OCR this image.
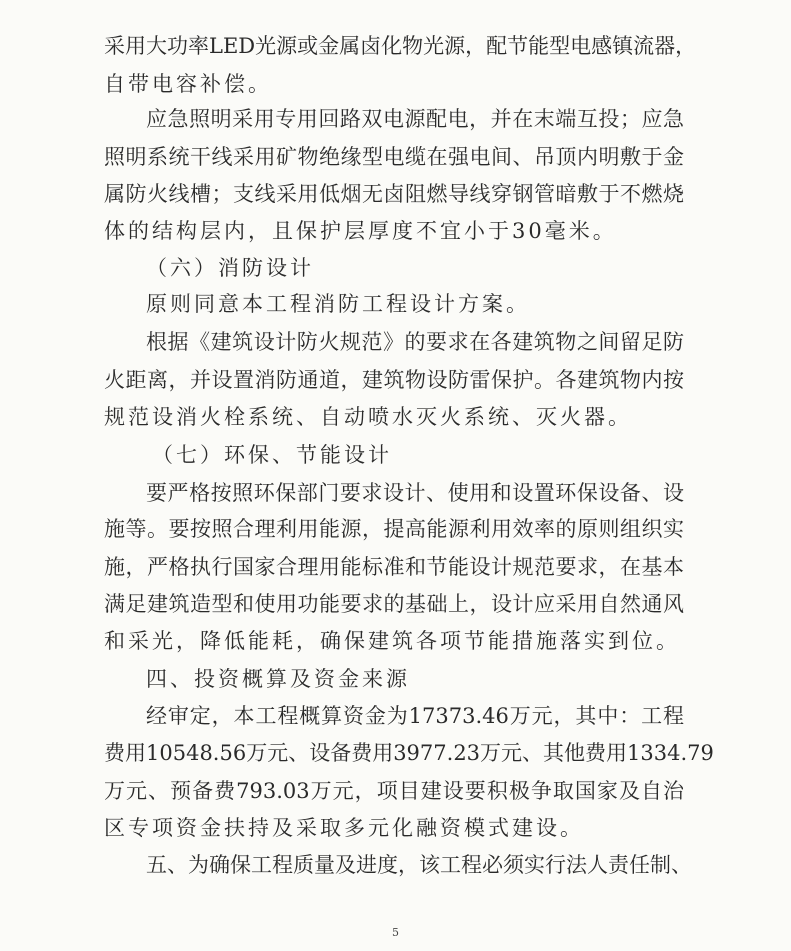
采用大功率LED光源或金属卤化物光源，配节能型电感镇流器，
自带电容补偿。
应急照明采用专用回路双电源配电，并在末端互投；应急
照明系统干线采用矿物绝缘型电缆在强电间、吊顶内明敷于金
属防火线槽；支线采用低烟无卤阻燃导线穿钢管暗敷于不燃烧
体的结构层内，且保护层厚度不宜小于30毫米。
（六）消防设计
原则同意本工程消防工程设计方案。
根据《建筑设计防火规范》的要求在各建筑物之间留足防
火距离，并设置消防通道，建筑物设防雷保护。各建筑物内按
规范设消火栓系统、自动喷水灭火系统、灭火器。
（七）环保、节能设计
要严格按照环保部门要求设计、使用和设置环保设备、设
施等。要按照合理利用能源，提高能源利用效率的原则组织实
施，严格执行国家合理用能标准和节能设计规范要求，在基本
满足建筑造型和使用功能要求的基础上，设计应采用自然通风
和采光，降低能耗，确保建筑各项节能措施落实到位。
四、投资概算及资金来源
经审定，本工程概算资金为17373.46万元，其中：工程
费用10548.56万元、设备费用3977.23万元、其他费用1334.79
万元、预备费793.03万元，项目建设要积极争取国家及自治
区专项资金扶持及采取多元化融资模式建设。
五、为确保工程质量及进度，该工程必须实行法人责任制、
5
